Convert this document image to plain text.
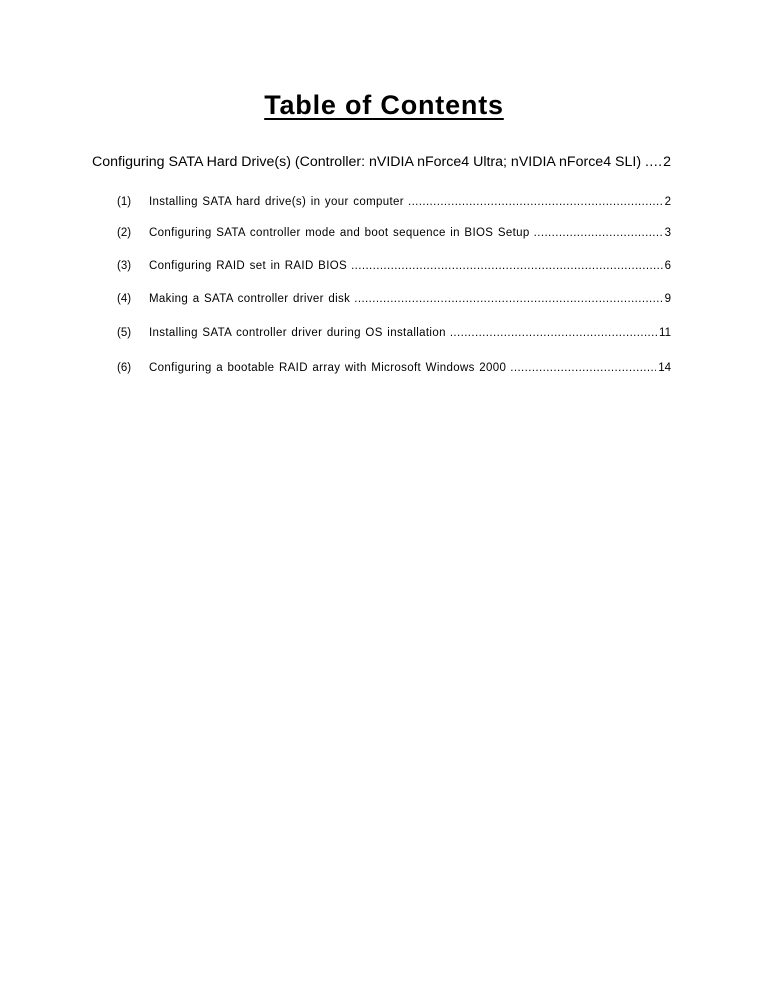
Table of Contents
Configuring SATA Hard Drive(s) (Controller: nVIDIA nForce4 Ultra; nVIDIA nForce4 SLI) ..... 2
(1)	Installing SATA hard drive(s) in your computer .....	2
(2)	Configuring SATA controller mode and boot sequence in BIOS Setup .....	3
(3)	Configuring RAID set in RAID BIOS .....	6
(4)	Making a SATA controller driver disk .....	9
(5)	Installing SATA controller driver during OS installation .....	11
(6)	Configuring a bootable RAID array with Microsoft Windows 2000 .....	14
